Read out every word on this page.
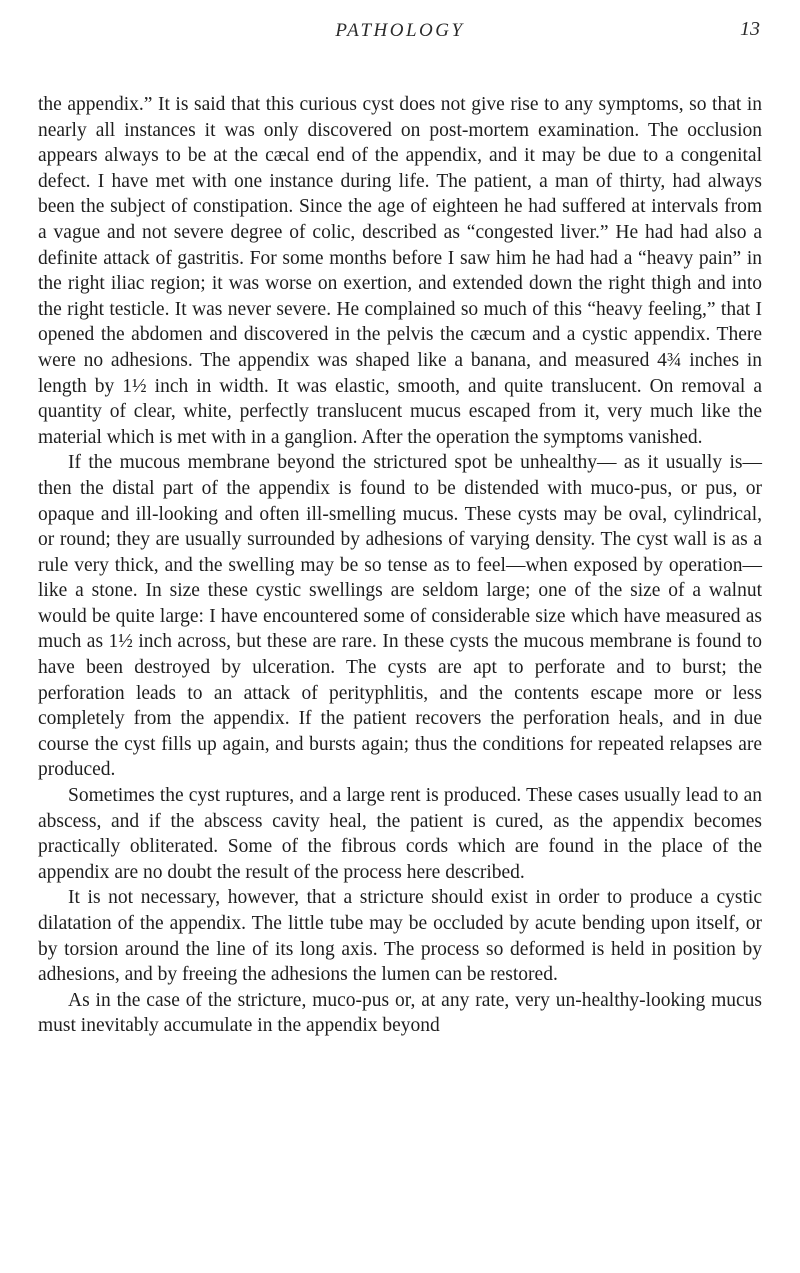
PATHOLOGY	13

the appendix.” It is said that this curious cyst does not give rise to any symptoms, so that in nearly all instances it was only discovered on post-mortem examination. The occlusion appears always to be at the cæcal end of the appendix, and it may be due to a congenital defect. I have met with one instance during life. The patient, a man of thirty, had always been the subject of constipation. Since the age of eighteen he had suffered at intervals from a vague and not severe degree of colic, described as “congested liver.” He had had also a definite attack of gastritis. For some months before I saw him he had had a “heavy pain” in the right iliac region; it was worse on exertion, and extended down the right thigh and into the right testicle. It was never severe. He complained so much of this “heavy feeling,” that I opened the abdomen and discovered in the pelvis the cæcum and a cystic appendix. There were no adhesions. The appendix was shaped like a banana, and measured 4¾ inches in length by 1½ inch in width. It was elastic, smooth, and quite translucent. On removal a quantity of clear, white, perfectly translucent mucus escaped from it, very much like the material which is met with in a ganglion. After the operation the symptoms vanished.

If the mucous membrane beyond the strictured spot be unhealthy— as it usually is—then the distal part of the appendix is found to be distended with muco-pus, or pus, or opaque and ill-looking and often ill-smelling mucus. These cysts may be oval, cylindrical, or round; they are usually surrounded by adhesions of varying density. The cyst wall is as a rule very thick, and the swelling may be so tense as to feel—when exposed by operation—like a stone. In size these cystic swellings are seldom large; one of the size of a walnut would be quite large: I have encountered some of considerable size which have measured as much as 1½ inch across, but these are rare. In these cysts the mucous membrane is found to have been destroyed by ulceration. The cysts are apt to perforate and to burst; the perforation leads to an attack of perityphlitis, and the contents escape more or less completely from the appendix. If the patient recovers the perforation heals, and in due course the cyst fills up again, and bursts again; thus the conditions for repeated relapses are produced.

Sometimes the cyst ruptures, and a large rent is produced. These cases usually lead to an abscess, and if the abscess cavity heal, the patient is cured, as the appendix becomes practically obliterated. Some of the fibrous cords which are found in the place of the appendix are no doubt the result of the process here described.

It is not necessary, however, that a stricture should exist in order to produce a cystic dilatation of the appendix. The little tube may be occluded by acute bending upon itself, or by torsion around the line of its long axis. The process so deformed is held in position by adhesions, and by freeing the adhesions the lumen can be restored.

As in the case of the stricture, muco-pus or, at any rate, very un-healthy-looking mucus must inevitably accumulate in the appendix beyond
